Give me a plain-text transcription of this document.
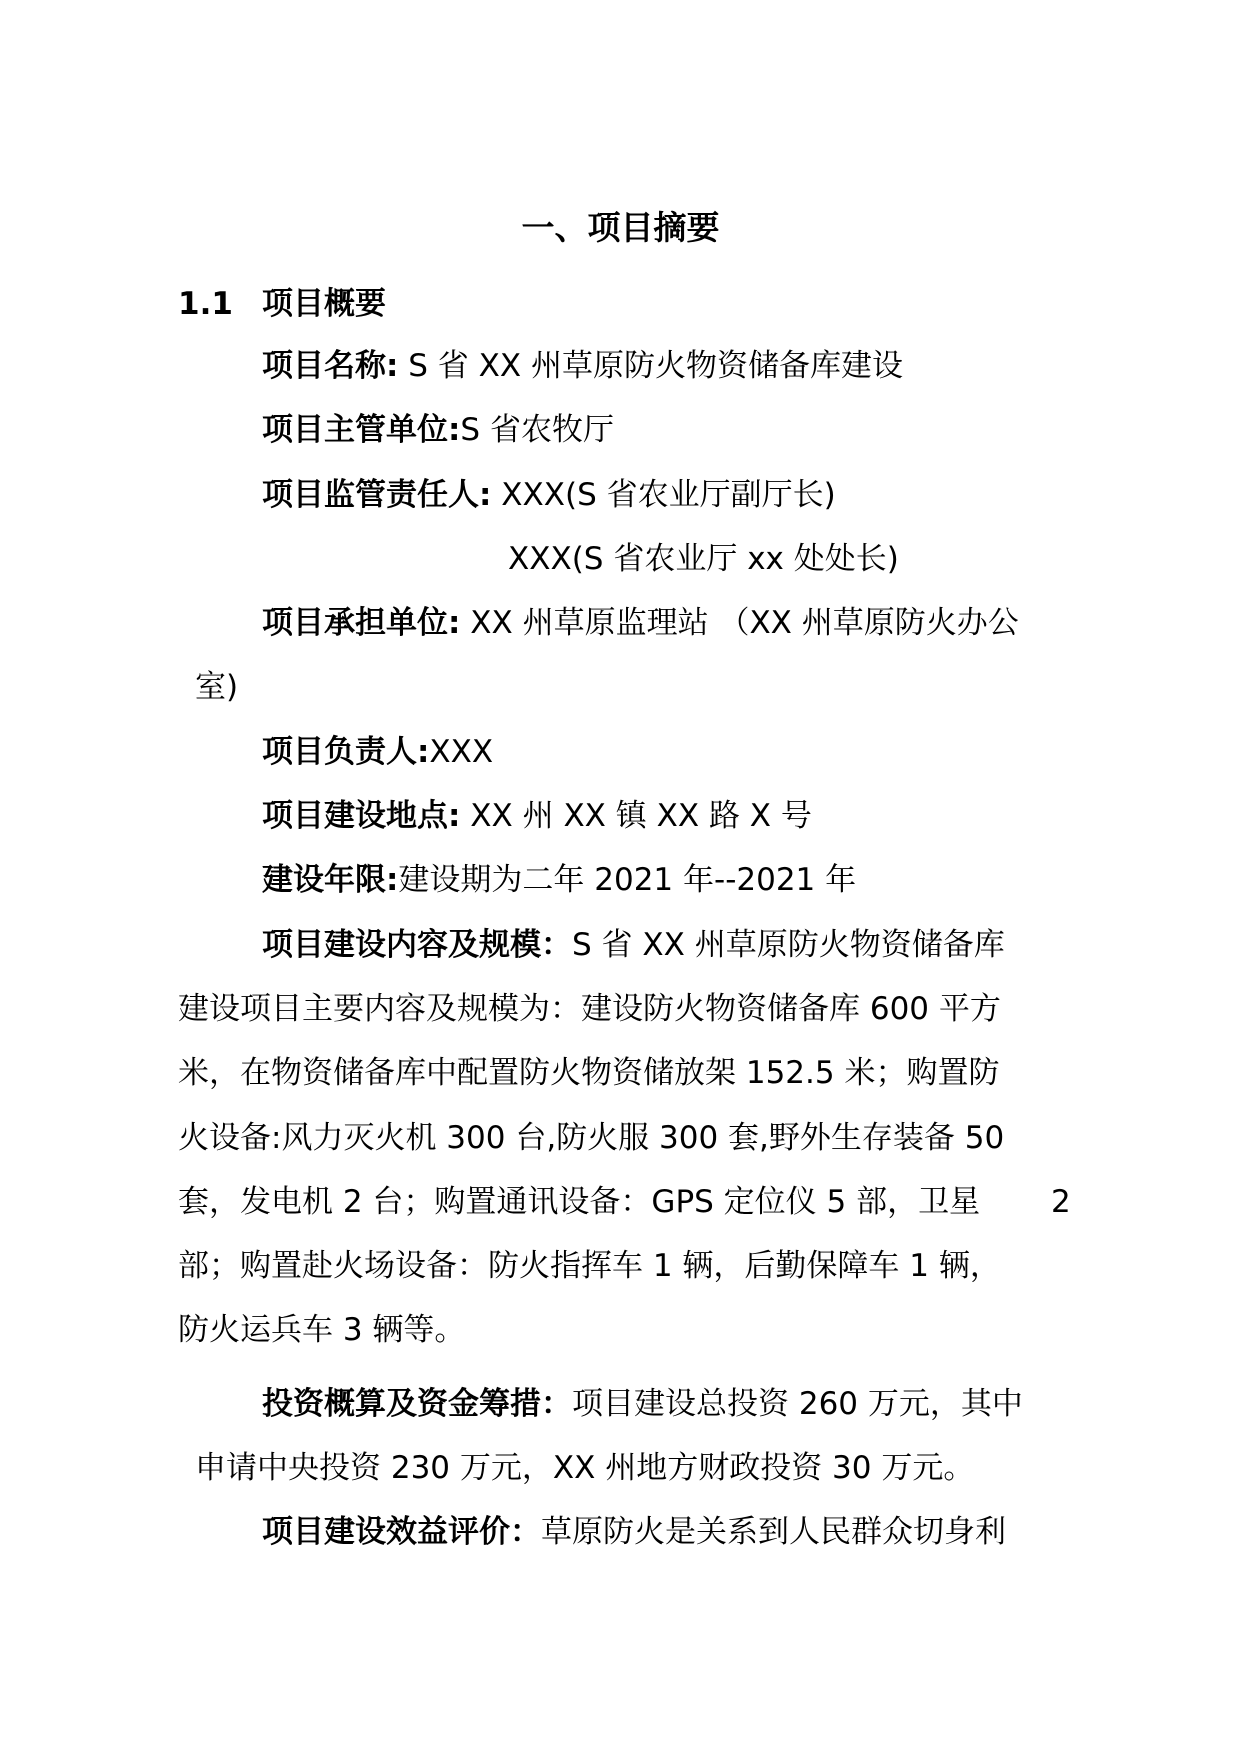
一、项目摘要
1.1 项目概要
项目名称: S 省 XX 州草原防火物资储备库建设
项目主管单位:S 省农牧厅
项目监管责任人: XXX(S 省农业厅副厅长)
XXX(S 省农业厅 xx 处处长)
项目承担单位: XX 州草原监理站 （XX 州草原防火办公
室)
项目负责人:XXX
项目建设地点: XX 州 XX 镇 XX 路 X 号
建设年限:建设期为二年 2021 年--2021 年
项目建设内容及规模：S 省 XX 州草原防火物资储备库
建设项目主要内容及规模为：建设防火物资储备库 600 平方
米，在物资储备库中配置防火物资储放架 152.5 米；购置防
火设备:风力灭火机 300 台,防火服 300 套,野外生存装备 50
套，发电机 2 台；购置通讯设备：GPS 定位仪 5 部，卫星 2
部；购置赴火场设备：防火指挥车 1 辆，后勤保障车 1 辆，
防火运兵车 3 辆等。
投资概算及资金筹措：项目建设总投资 260 万元，其中
申请中央投资 230 万元，XX 州地方财政投资 30 万元。
项目建设效益评价：草原防火是关系到人民群众切身利
